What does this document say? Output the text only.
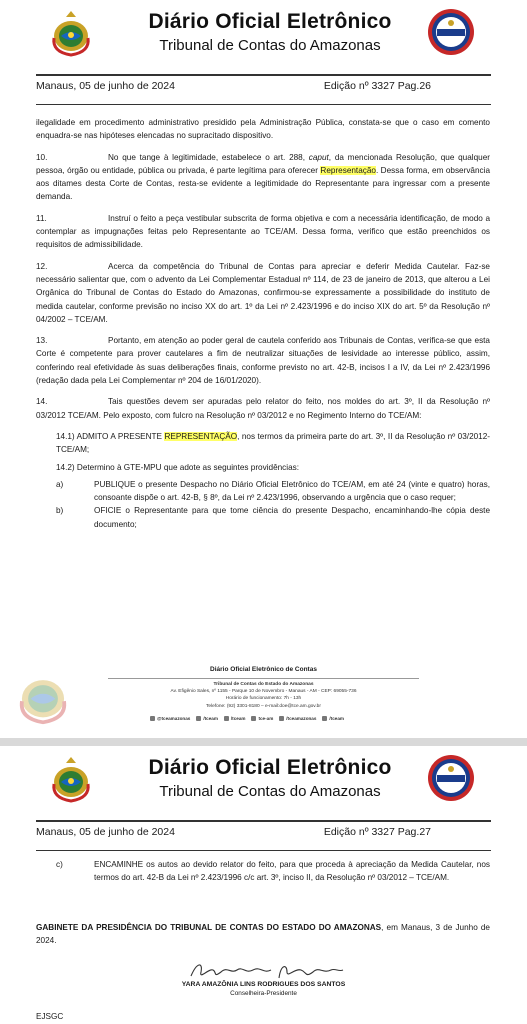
Diário Oficial Eletrônico
Tribunal de Contas do Amazonas
Manaus, 05 de junho de 2024	Edição nº 3327 Pag.26

ilegalidade em procedimento administrativo presidido pela Administração Pública, constata-se que o caso em comento enquadra-se nas hipóteses elencadas no supracitado dispositivo.

10.	No que tange à legitimidade, estabelece o art. 288, caput, da mencionada Resolução, que qualquer pessoa, órgão ou entidade, pública ou privada, é parte legítima para oferecer Representação. Dessa forma, em observância aos ditames desta Corte de Contas, resta-se evidente a legitimidade do Representante para ingressar com a presente demanda.

11.	Instruí o feito a peça vestibular subscrita de forma objetiva e com a necessária identificação, de modo a contemplar as impugnações feitas pelo Representante ao TCE/AM. Dessa forma, verifico que estão preenchidos os requisitos de admissibilidade.

12.	Acerca da competência do Tribunal de Contas para apreciar e deferir Medida Cautelar. Faz-se necessário salientar que, com o advento da Lei Complementar Estadual nº 114, de 23 de janeiro de 2013, que alterou a Lei Orgânica do Tribunal de Contas do Estado do Amazonas, confirmou-se expressamente a possibilidade do instituto de medida cautelar, conforme previsão no inciso XX do art. 1º da Lei nº 2.423/1996 e do inciso XIX do art. 5º da Resolução nº 04/2002 – TCE/AM.

13.	Portanto, em atenção ao poder geral de cautela conferido aos Tribunais de Contas, verifica-se que esta Corte é competente para prover cautelares a fim de neutralizar situações de lesividade ao interesse público, assim, conferindo real efetividade às suas deliberações finais, conforme previsto no art. 42-B, incisos I a IV, da Lei nº 2.423/1996 (redação dada pela Lei Complementar nº 204 de 16/01/2020).

14.	Tais questões devem ser apuradas pelo relator do feito, nos moldes do art. 3º, II da Resolução nº 03/2012 TCE/AM. Pelo exposto, com fulcro na Resolução nº 03/2012 e no Regimento Interno do TCE/AM:

14.1) ADMITO A PRESENTE REPRESENTAÇÃO, nos termos da primeira parte do art. 3º, II da Resolução nº 03/2012-TCE/AM;

14.2) Determino à GTE-MPU que adote as seguintes providências:

a)	PUBLIQUE o presente Despacho no Diário Oficial Eletrônico do TCE/AM, em até 24 (vinte e quatro) horas, consoante dispõe o art. 42-B, § 8º, da Lei nº 2.423/1996, observando a urgência que o caso requer;
b)	OFICIE o Representante para que tome ciência do presente Despacho, encaminhando-lhe cópia deste documento;
Diário Oficial Eletrônico de Contas
Tribunal de Contas do Estado do Amazonas
Av. Efigênio Sales, nº 1155 - Parque 10 de Novembro - Manaus - AM - CEP: 69055-736
Horário de funcionamento: 7h - 13h
Telefone: (92) 3301-8180 – e-mail:doe@tce.am.gov.br
@tceamazonas	/tceam	/tceam	tce-am	/tceamazonas	/tceam
Diário Oficial Eletrônico
Tribunal de Contas do Amazonas
Manaus, 05 de junho de 2024	Edição nº 3327 Pag.27
c)	ENCAMINHE os autos ao devido relator do feito, para que proceda à apreciação da Medida Cautelar, nos termos do art. 42-B da Lei nº 2.423/1996 c/c art. 3º, inciso II, da Resolução nº 03/2012 – TCE/AM.
GABINETE DA PRESIDÊNCIA DO TRIBUNAL DE CONTAS DO ESTADO DO AMAZONAS, em Manaus, 3 de Junho de 2024.
YARA AMAZÔNIA LINS RODRIGUES DOS SANTOS
Conselheira-Presidente
EJSGC
